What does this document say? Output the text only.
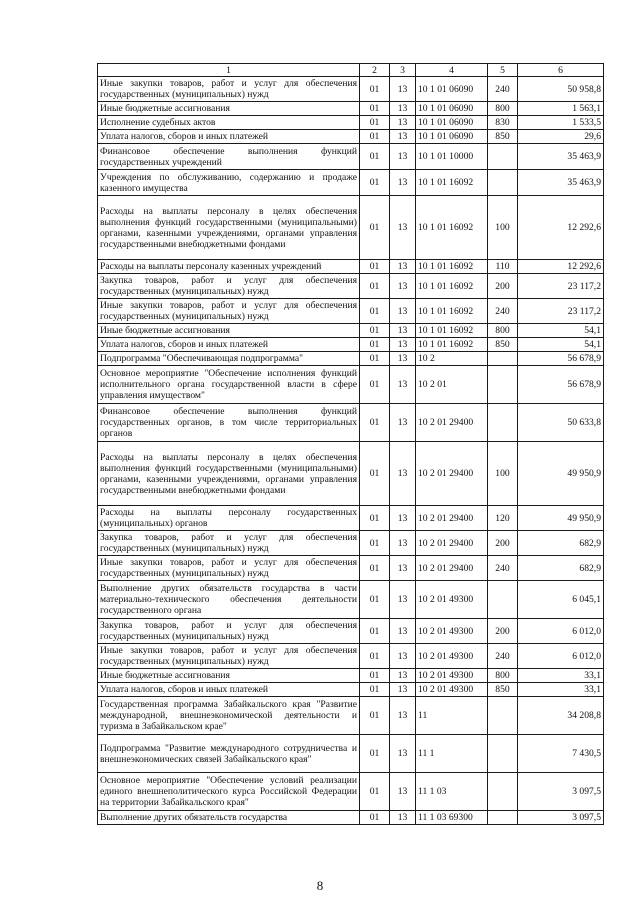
1	2	3	4	5	6
Иные закупки товаров, работ и услуг для обеспечения государственных (муниципальных) нужд	01	13	10 1 01 06090	240	50 958,8
Иные бюджетные ассигнования	01	13	10 1 01 06090	800	1 563,1
Исполнение судебных актов	01	13	10 1 01 06090	830	1 533,5
Уплата налогов, сборов и иных платежей	01	13	10 1 01 06090	850	29,6
Финансовое обеспечение выполнения функций государственных учреждений	01	13	10 1 01 10000		35 463,9
Учреждения по обслуживанию, содержанию и продаже казенного имущества	01	13	10 1 01 16092		35 463,9
Расходы на выплаты персоналу в целях обеспечения выполнения функций государственными (муниципальными) органами, казенными учреждениями, органами управления государственными внебюджетными фондами	01	13	10 1 01 16092	100	12 292,6
Расходы на выплаты персоналу казенных учреждений	01	13	10 1 01 16092	110	12 292,6
Закупка товаров, работ и услуг для обеспечения государственных (муниципальных) нужд	01	13	10 1 01 16092	200	23 117,2
Иные закупки товаров, работ и услуг для обеспечения государственных (муниципальных) нужд	01	13	10 1 01 16092	240	23 117,2
Иные бюджетные ассигнования	01	13	10 1 01 16092	800	54,1
Уплата налогов, сборов и иных платежей	01	13	10 1 01 16092	850	54,1
Подпрограмма "Обеспечивающая подпрограмма"	01	13	10 2		56 678,9
Основное мероприятие "Обеспечение исполнения функций исполнительного органа государственной власти в сфере управления имуществом"	01	13	10 2 01		56 678,9
Финансовое обеспечение выполнения функций государственных органов, в том числе территориальных органов	01	13	10 2 01 29400		50 633,8
Расходы на выплаты персоналу в целях обеспечения выполнения функций государственными (муниципальными) органами, казенными учреждениями, органами управления государственными внебюджетными фондами	01	13	10 2 01 29400	100	49 950,9
Расходы на выплаты персоналу государственных (муниципальных) органов	01	13	10 2 01 29400	120	49 950,9
Закупка товаров, работ и услуг для обеспечения государственных (муниципальных) нужд	01	13	10 2 01 29400	200	682,9
Иные закупки товаров, работ и услуг для обеспечения государственных (муниципальных) нужд	01	13	10 2 01 29400	240	682,9
Выполнение других обязательств государства в части материально-технического обеспечения деятельности государственного органа	01	13	10 2 01 49300		6 045,1
Закупка товаров, работ и услуг для обеспечения государственных (муниципальных) нужд	01	13	10 2 01 49300	200	6 012,0
Иные закупки товаров, работ и услуг для обеспечения государственных (муниципальных) нужд	01	13	10 2 01 49300	240	6 012,0
Иные бюджетные ассигнования	01	13	10 2 01 49300	800	33,1
Уплата налогов, сборов и иных платежей	01	13	10 2 01 49300	850	33,1
Государственная программа Забайкальского края "Развитие международной, внешнеэкономической деятельности и туризма в Забайкальском крае"	01	13	11		34 208,8
Подпрограмма "Развитие международного сотрудничества и внешнеэкономических связей Забайкальского края"	01	13	11 1		7 430,5
Основное мероприятие "Обеспечение условий реализации единого внешнеполитического курса Российской Федерации на территории Забайкальского края"	01	13	11 1 03		3 097,5
Выполнение других обязательств государства	01	13	11 1 03 69300		3 097,5
8
